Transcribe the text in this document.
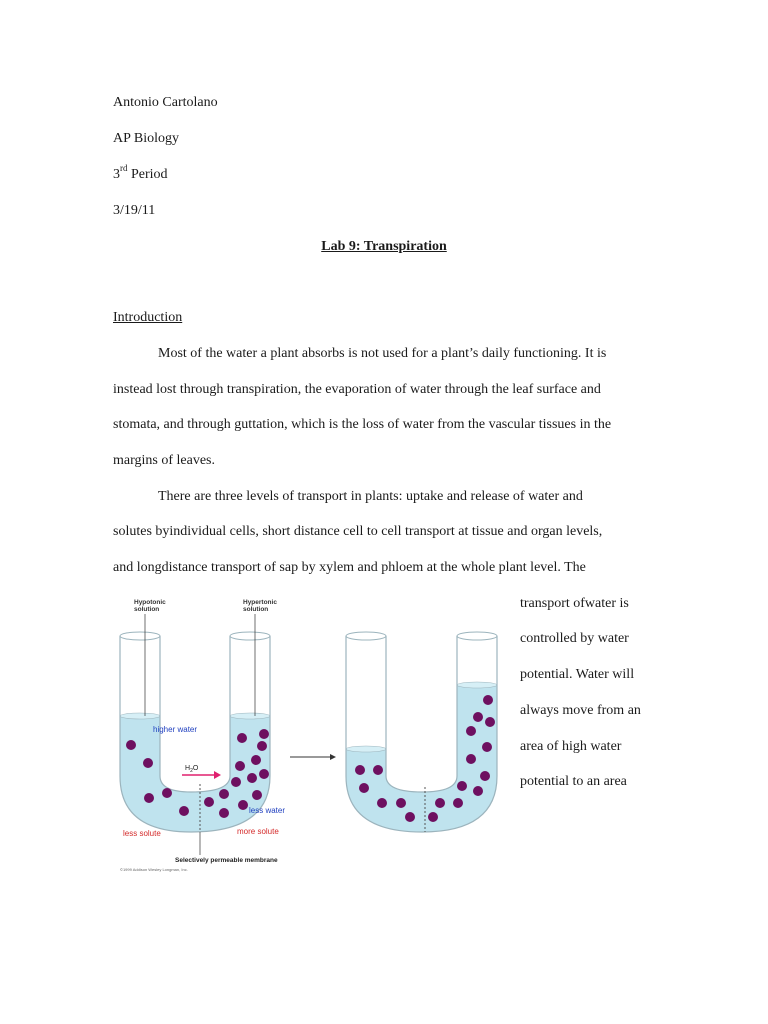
Antonio Cartolano
AP Biology
3rd Period
3/19/11
Lab 9: Transpiration
Introduction
Most of the water a plant absorbs is not used for a plant’s daily functioning. It is
instead lost through transpiration, the evaporation of water through the leaf surface and
stomata, and through guttation, which is the loss of water from the vascular tissues in the
margins of leaves.
There are three levels of transport in plants: uptake and release of water and
solutes byindividual cells, short distance cell to cell transport at tissue and organ levels,
and longdistance transport of sap by xylem and phloem at the whole plant level. The
transport ofwater is
controlled by water
potential. Water will
always move from an
area of high water
potential to an area
Hypotonic solution
Hypertonic solution
higher water
$H_2O$
less water
less solute	more solute
Selectively permeable membrane
©1999 Addison Wesley Longman, Inc.
